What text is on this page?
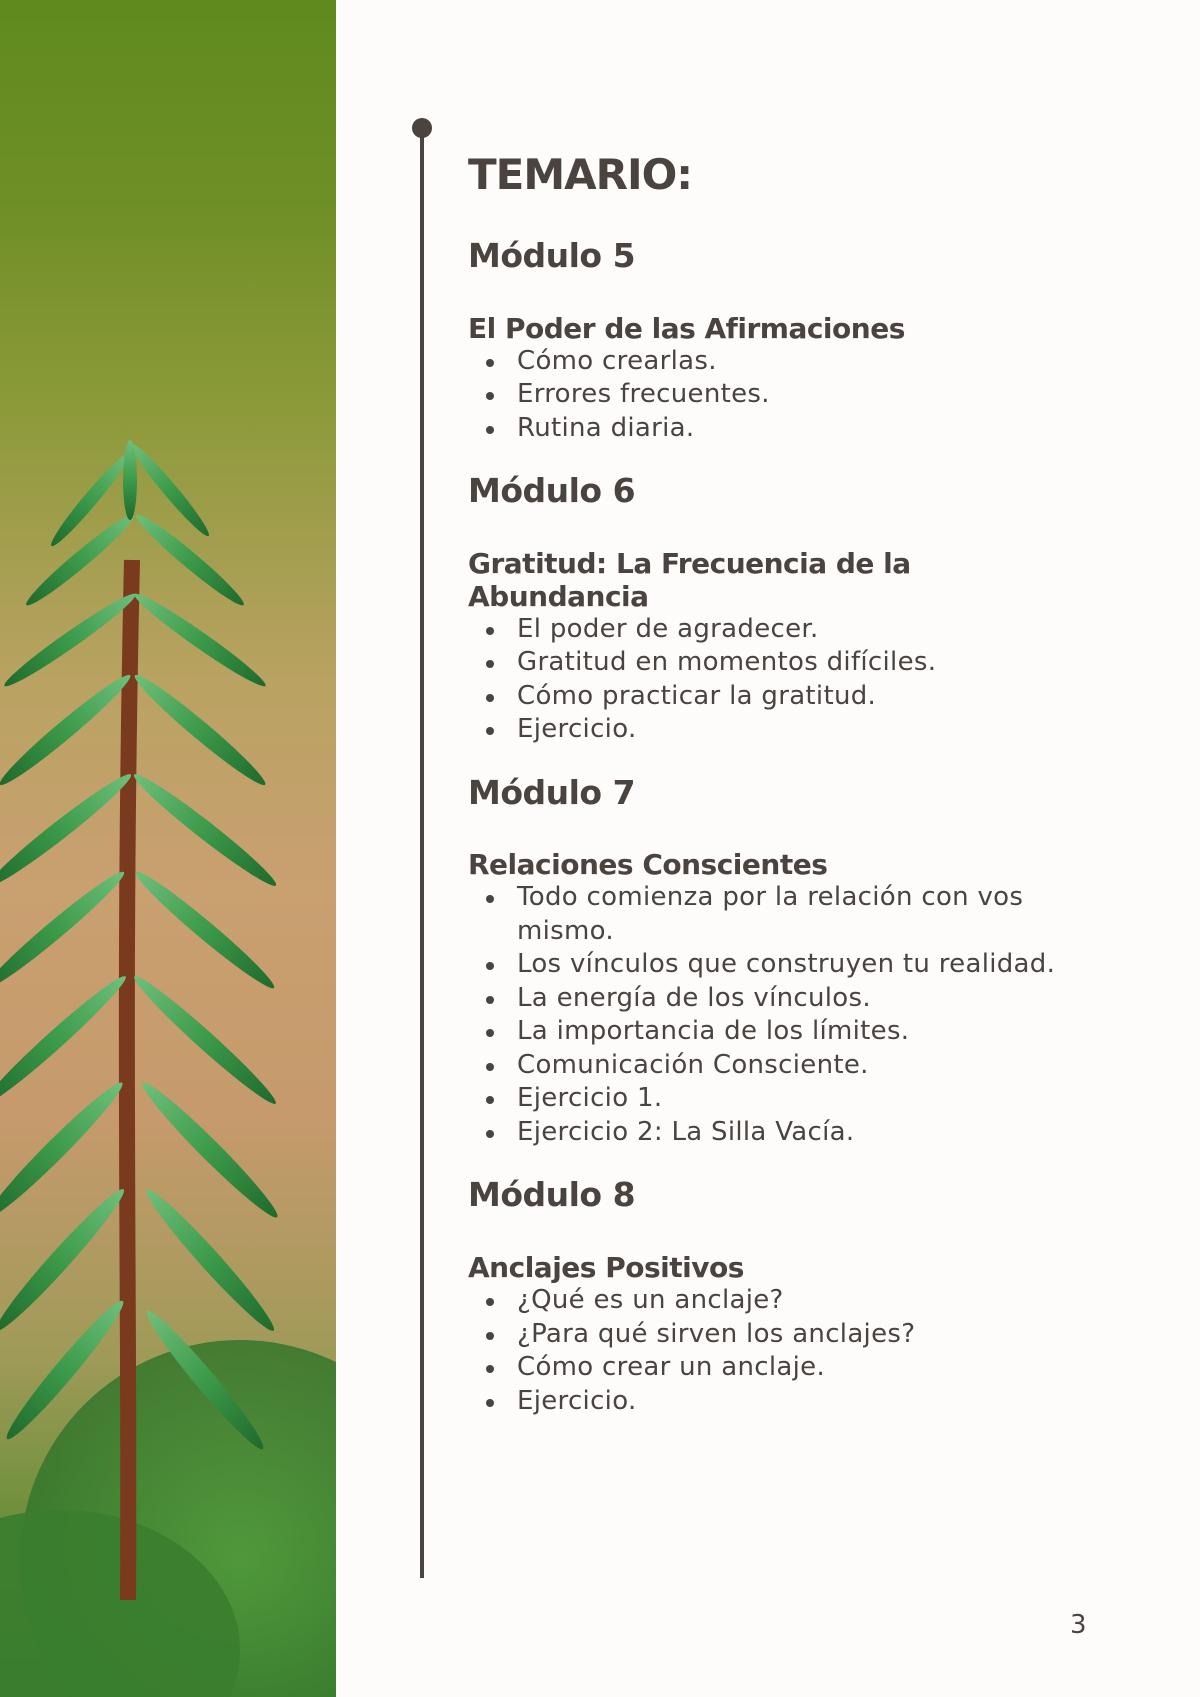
TEMARIO:
Módulo 5
El Poder de las Afirmaciones
Cómo crearlas.
Errores frecuentes.
Rutina diaria.
Módulo 6
Gratitud: La Frecuencia de la Abundancia
El poder de agradecer.
Gratitud en momentos difíciles.
Cómo practicar la gratitud.
Ejercicio.
Módulo 7
Relaciones Conscientes
Todo comienza por la relación con vos mismo.
Los vínculos que construyen tu realidad.
La energía de los vínculos.
La importancia de los límites.
Comunicación Consciente.
Ejercicio 1.
Ejercicio 2: La Silla Vacía.
Módulo 8
Anclajes Positivos
¿Qué es un anclaje?
¿Para qué sirven los anclajes?
Cómo crear un anclaje.
Ejercicio.
3
